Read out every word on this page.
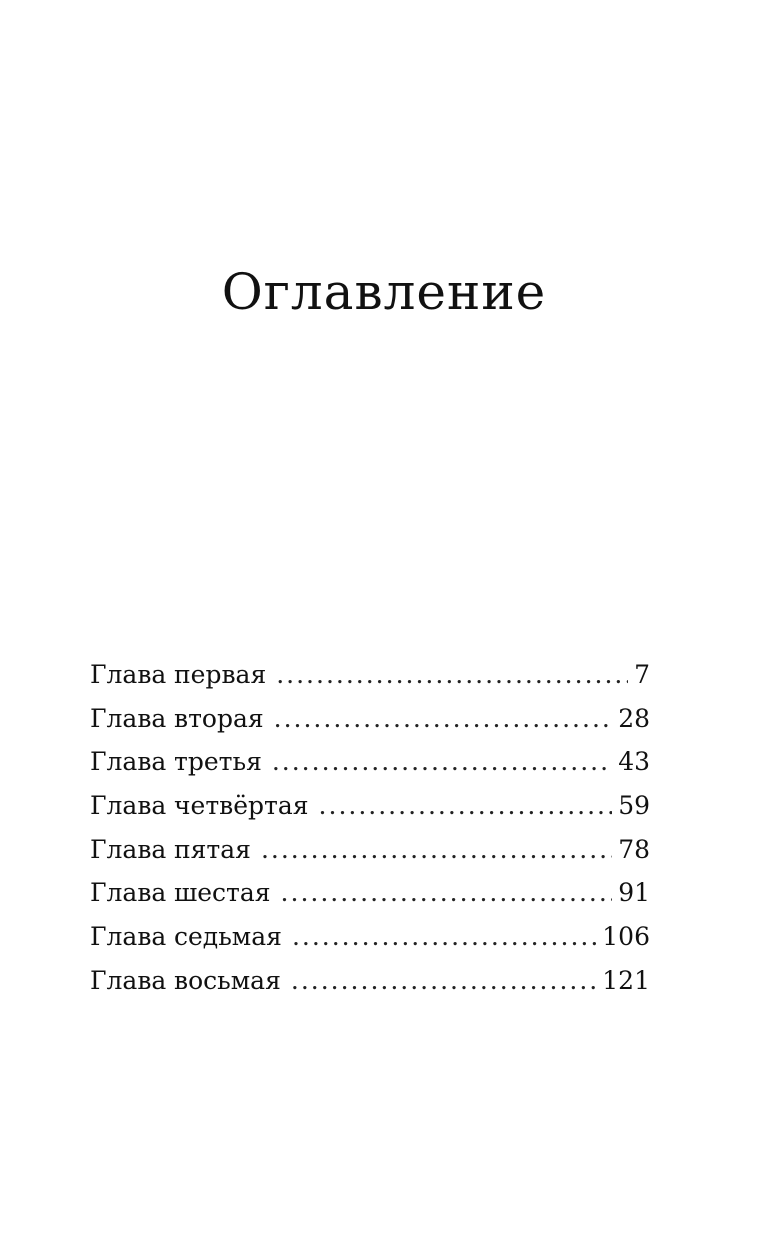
Оглавление
Глава первая .....	7
Глава вторая .....	28
Глава третья .....	43
Глава четвёртая .....	59
Глава пятая .....	78
Глава шестая .....	91
Глава седьмая .....	106
Глава восьмая .....	121
